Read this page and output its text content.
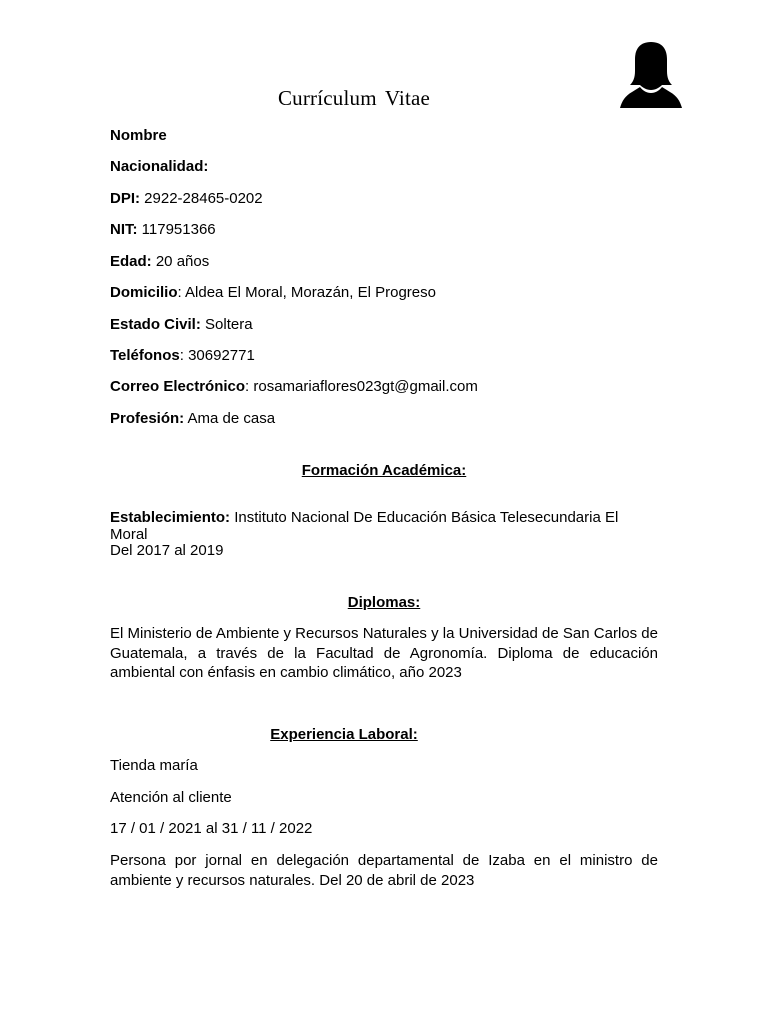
Currículum Vitae
Nombre
Nacionalidad:
DPI: 2922-28465-0202
NIT: 117951366
Edad: 20 años
Domicilio: Aldea El Moral, Morazán, El Progreso
Estado Civil: Soltera
Teléfonos: 30692771
Correo Electrónico: rosamariaflores023gt@gmail.com
Profesión: Ama de casa
Formación Académica:
Establecimiento: Instituto Nacional De Educación Básica Telesecundaria El Moral
Del 2017 al 2019
Diplomas:
El Ministerio de Ambiente y Recursos Naturales y la Universidad de San Carlos de Guatemala, a través de la Facultad de Agronomía. Diploma de educación ambiental con énfasis en cambio climático, año 2023
Experiencia Laboral:
Tienda maría
Atención al cliente
17 / 01 / 2021 al 31 / 11 / 2022
Persona por jornal en delegación departamental de Izaba en el ministro de ambiente y recursos naturales. Del 20 de abril de 2023
